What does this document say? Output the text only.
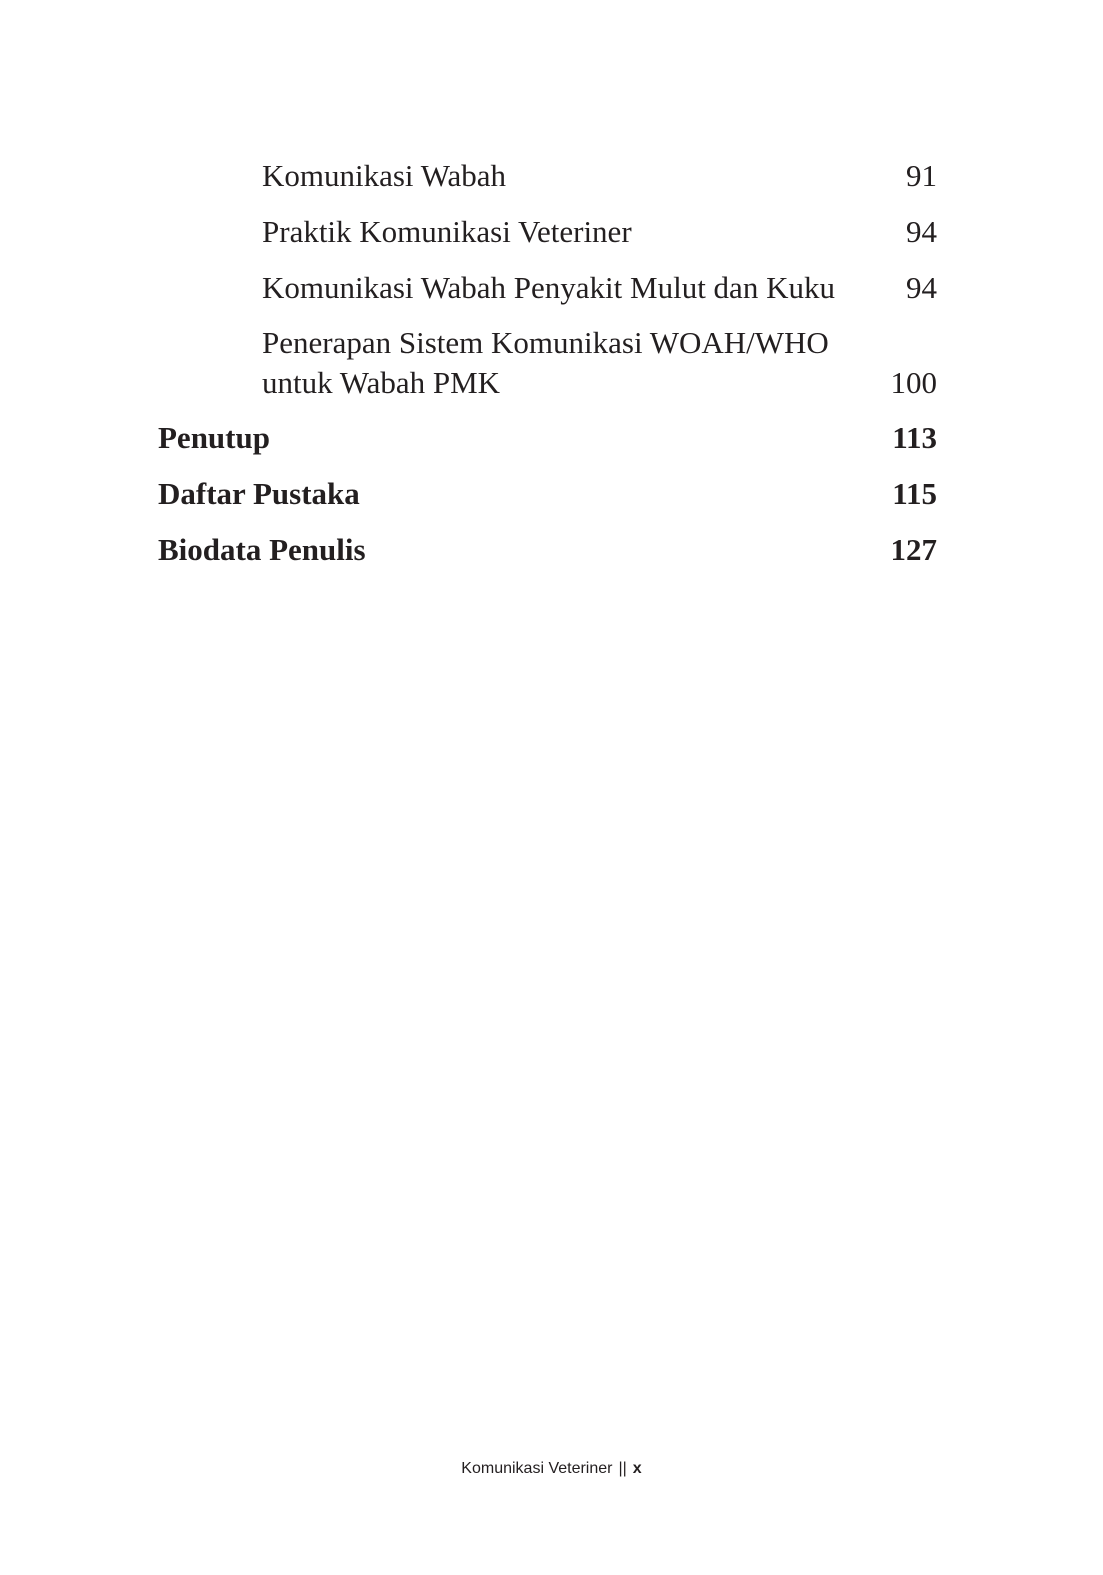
Komunikasi Wabah	91
Praktik Komunikasi Veteriner	94
Komunikasi Wabah Penyakit Mulut dan Kuku 94
Penerapan Sistem Komunikasi WOAH/WHO
untuk Wabah PMK	100
Penutup	113
Daftar Pustaka	115
Biodata Penulis	127
Komunikasi Veteriner || x
